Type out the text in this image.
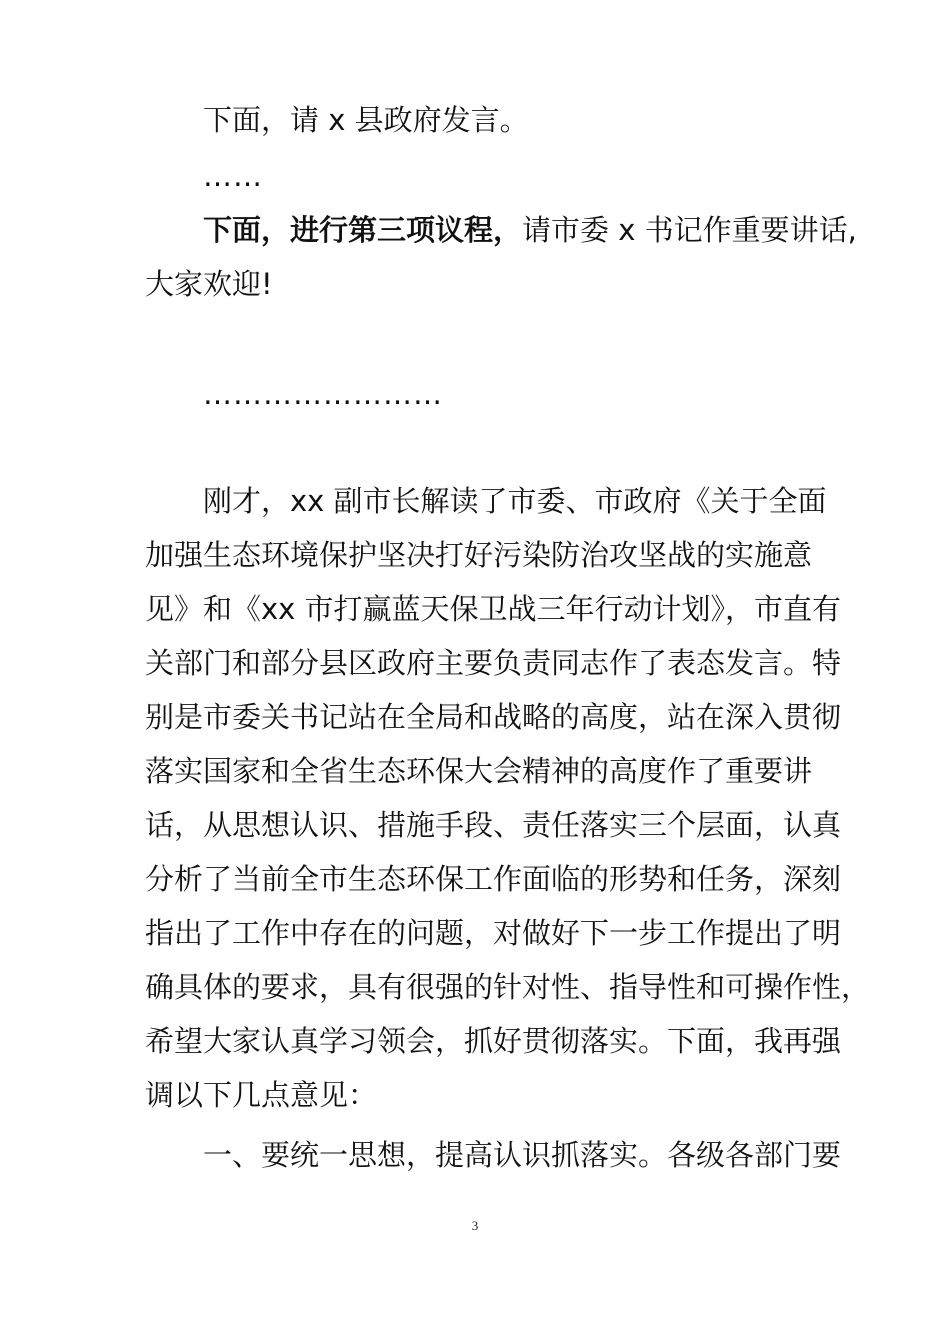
下面，请 x 县政府发言。
……
下面，进行第三项议程，请市委 x 书记作重要讲话,
大家欢迎!
……………………
刚才，xx 副市长解读了市委、市政府《关于全面
加强生态环境保护坚决打好污染防治攻坚战的实施意
见》和《xx 市打赢蓝天保卫战三年行动计划》，市直有
关部门和部分县区政府主要负责同志作了表态发言。特
别是市委关书记站在全局和战略的高度，站在深入贯彻
落实国家和全省生态环保大会精神的高度作了重要讲
话，从思想认识、措施手段、责任落实三个层面，认真
分析了当前全市生态环保工作面临的形势和任务，深刻
指出了工作中存在的问题，对做好下一步工作提出了明
确具体的要求，具有很强的针对性、指导性和可操作性，
希望大家认真学习领会，抓好贯彻落实。下面，我再强
调以下几点意见：
一、要统一思想，提高认识抓落实。各级各部门要
3
